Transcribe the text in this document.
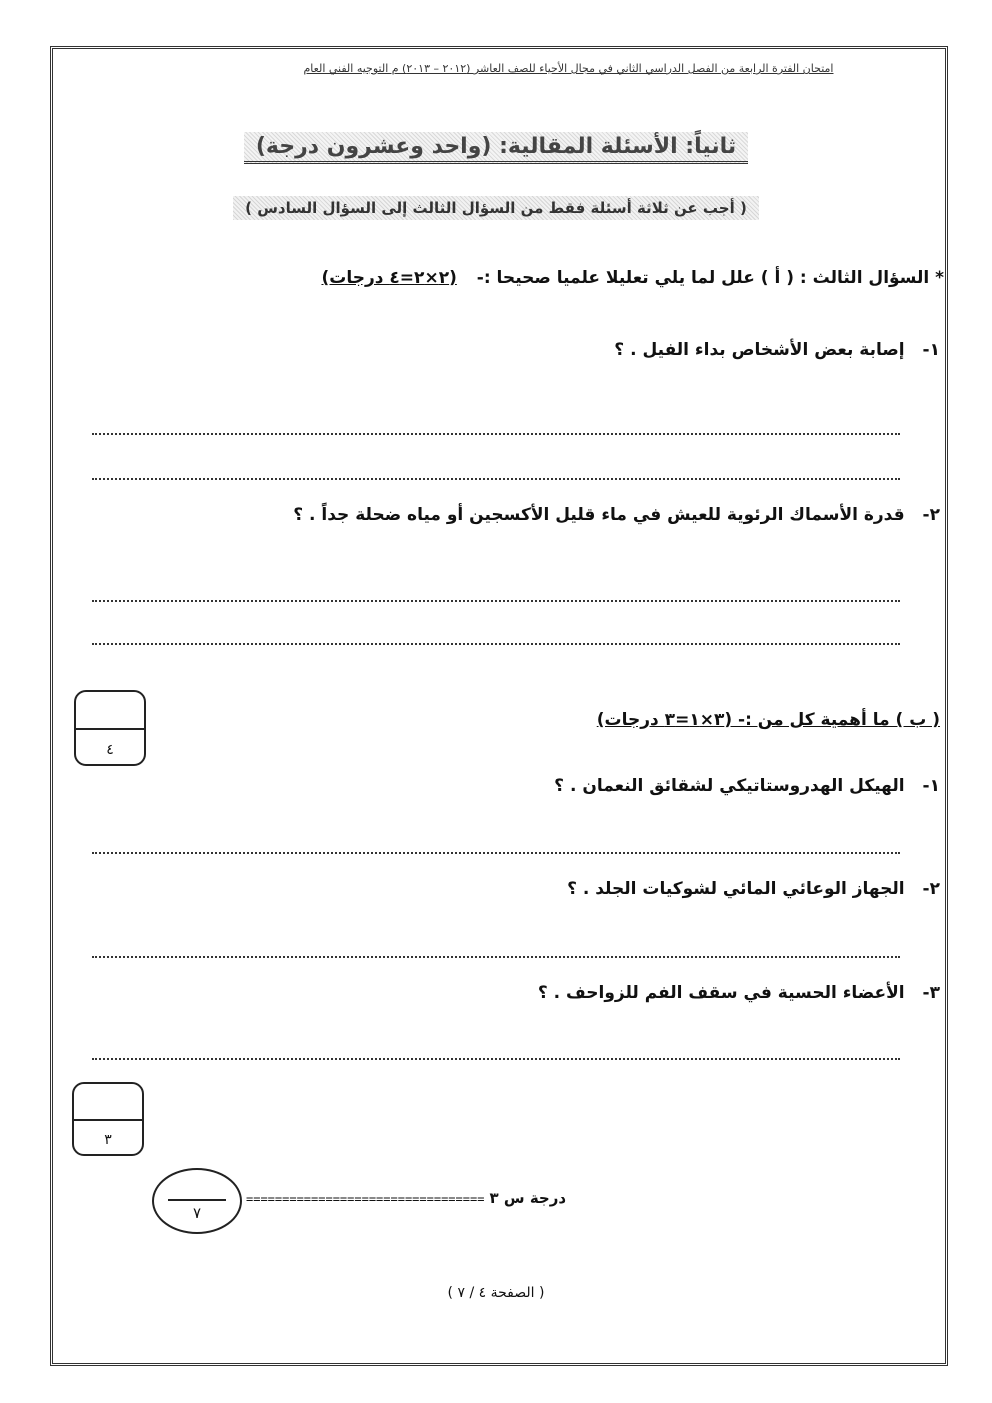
امتحان الفترة الرابعة من الفصل الدراسي الثاني في مجال الأحياء للصف العاشر (٢٠١٢ – ٢٠١٣) م التوجيه الفني العام
ثانياً: الأسئلة المقالية: (واحد وعشرون درجة)
( أجب عن ثلاثة أسئلة فقط من السؤال الثالث إلى السؤال السادس )
* السؤال الثالث : ( أ ) علل لما يلي تعليلا علميا صحيحا :- (٢×٢=٤ درجات)
١- إصابة بعض الأشخاص بداء الفيل . ؟
٢- قدرة الأسماك الرئوية للعيش في ماء قليل الأكسجين أو مياه ضحلة جداً . ؟
٤
( ب ) ما أهمية كل من :- (٣×١=٣ درجات)
١- الهيكل الهدروستاتيكي لشقائق النعمان . ؟
٢- الجهاز الوعائي المائي لشوكيات الجلد . ؟
٣- الأعضاء الحسية في سقف الفم للزواحف . ؟
٣
٧
================================= درجة س ٣
( الصفحة ٤ / ٧ )
